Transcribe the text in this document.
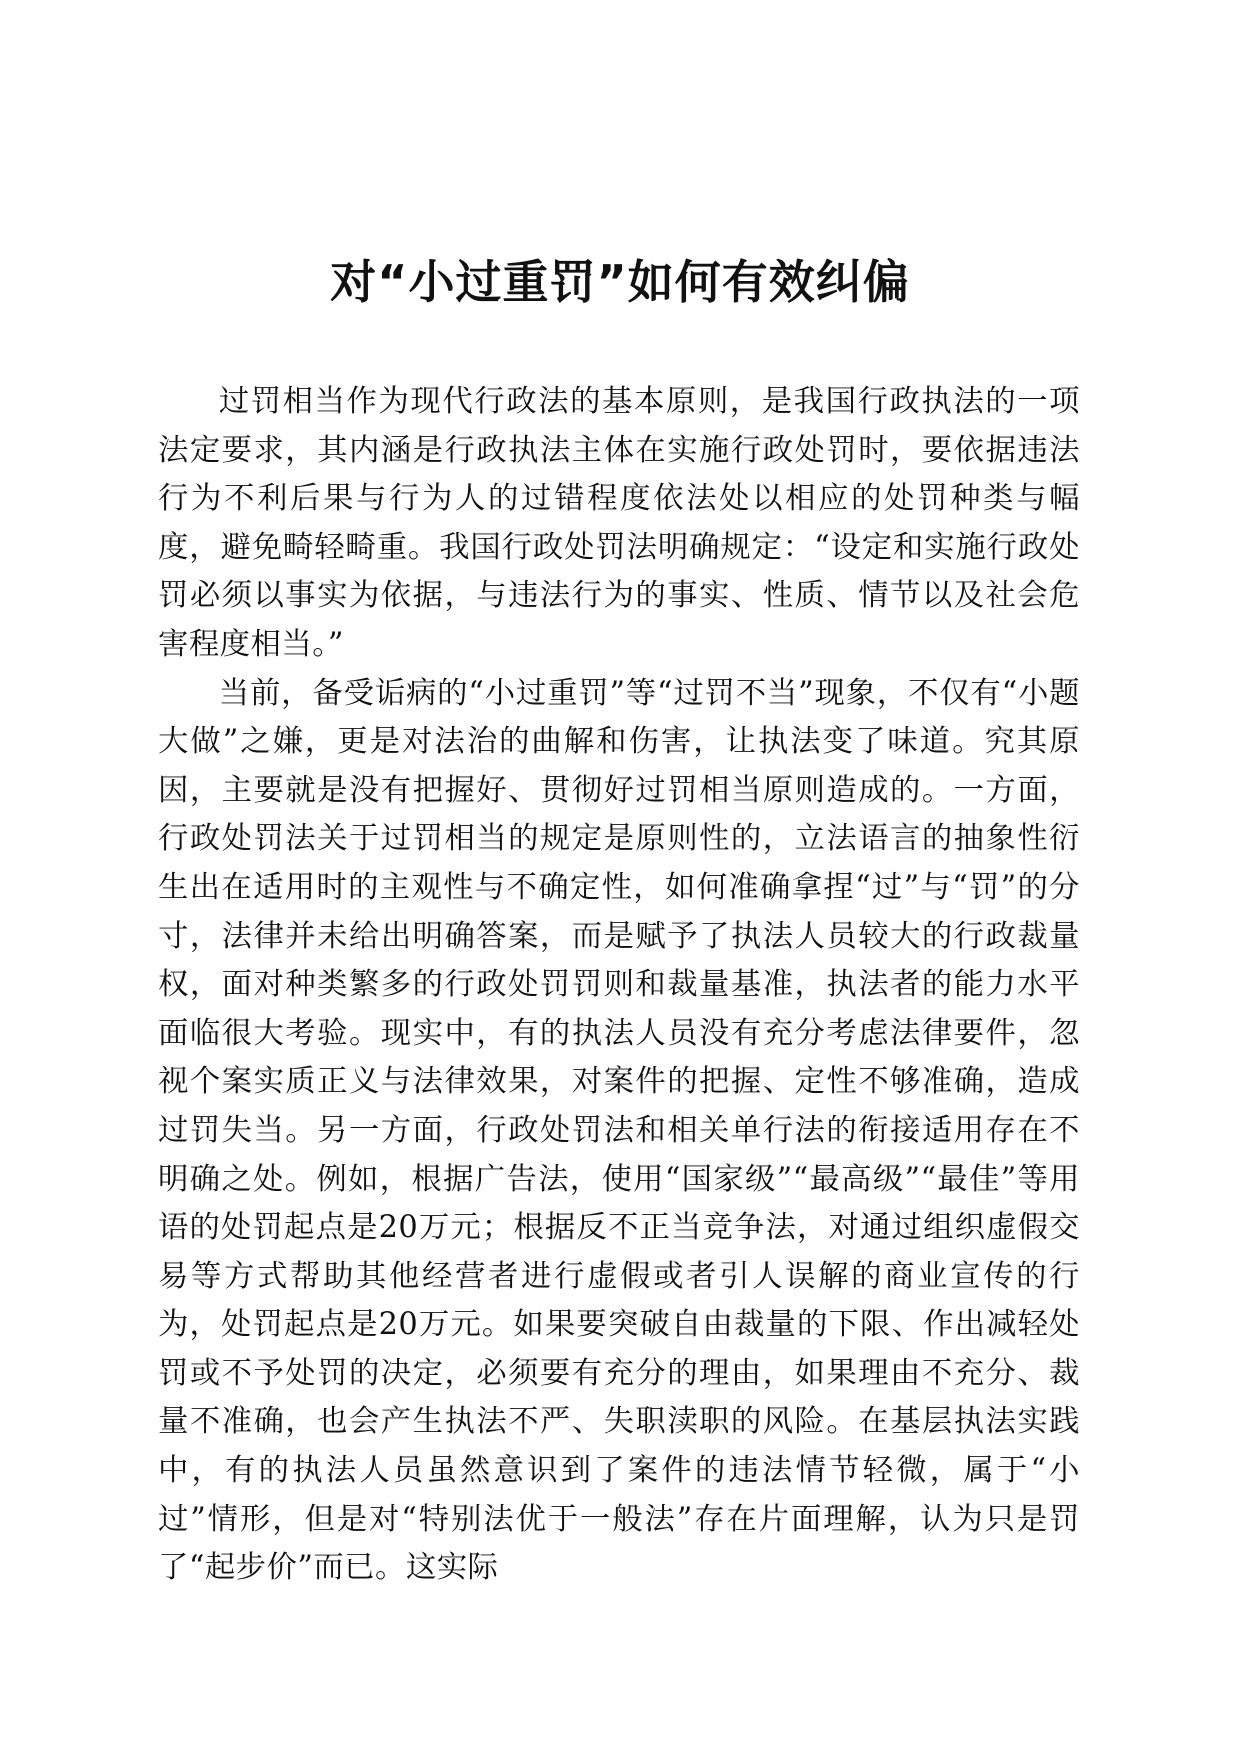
对“小过重罚”如何有效纠偏

过罚相当作为现代行政法的基本原则，是我国行政执法的一项法定要求，其内涵是行政执法主体在实施行政处罚时，要依据违法行为不利后果与行为人的过错程度依法处以相应的处罚种类与幅度，避免畸轻畸重。我国行政处罚法明确规定：“设定和实施行政处罚必须以事实为依据，与违法行为的事实、性质、情节以及社会危害程度相当。”

当前，备受诟病的“小过重罚”等“过罚不当”现象，不仅有“小题大做”之嫌，更是对法治的曲解和伤害，让执法变了味道。究其原因，主要就是没有把握好、贯彻好过罚相当原则造成的。一方面，行政处罚法关于过罚相当的规定是原则性的，立法语言的抽象性衍生出在适用时的主观性与不确定性，如何准确拿捏“过”与“罚”的分寸，法律并未给出明确答案，而是赋予了执法人员较大的行政裁量权，面对种类繁多的行政处罚罚则和裁量基准，执法者的能力水平面临很大考验。现实中，有的执法人员没有充分考虑法律要件，忽视个案实质正义与法律效果，对案件的把握、定性不够准确，造成过罚失当。另一方面，行政处罚法和相关单行法的衔接适用存在不明确之处。例如，根据广告法，使用“国家级”“最高级”“最佳”等用语的处罚起点是20万元；根据反不正当竞争法，对通过组织虚假交易等方式帮助其他经营者进行虚假或者引人误解的商业宣传的行为，处罚起点是20万元。如果要突破自由裁量的下限、作出减轻处罚或不予处罚的决定，必须要有充分的理由，如果理由不充分、裁量不准确，也会产生执法不严、失职渎职的风险。在基层执法实践中，有的执法人员虽然意识到了案件的违法情节轻微，属于“小过”情形，但是对“特别法优于一般法”存在片面理解，认为只是罚了“起步价”而已。这实际
